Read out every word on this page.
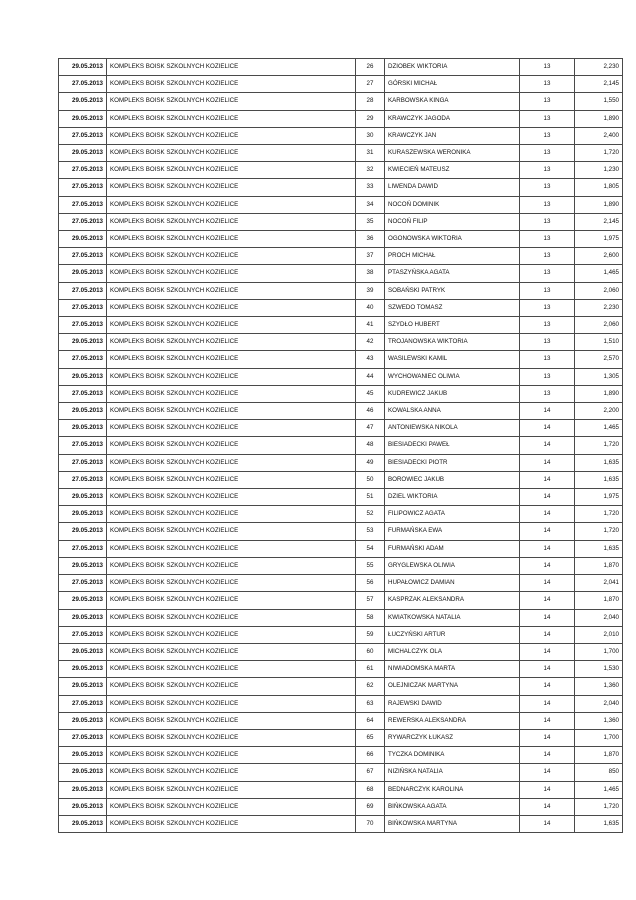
29.05.2013	KOMPLEKS BOISK SZKOLNYCH KOZIELICE	26	DZIOBEK WIKTORIA	13	2,230
27.05.2013	KOMPLEKS BOISK SZKOLNYCH KOZIELICE	27	GÓRSKI MICHAŁ	13	2,145
29.05.2013	KOMPLEKS BOISK SZKOLNYCH KOZIELICE	28	KARBOWSKA KINGA	13	1,550
29.05.2013	KOMPLEKS BOISK SZKOLNYCH KOZIELICE	29	KRAWCZYK JAGODA	13	1,890
27.05.2013	KOMPLEKS BOISK SZKOLNYCH KOZIELICE	30	KRAWCZYK JAN	13	2,400
29.05.2013	KOMPLEKS BOISK SZKOLNYCH KOZIELICE	31	KURASZEWSKA WERONIKA	13	1,720
27.05.2013	KOMPLEKS BOISK SZKOLNYCH KOZIELICE	32	KWIECIEŃ MATEUSZ	13	1,230
27.05.2013	KOMPLEKS BOISK SZKOLNYCH KOZIELICE	33	LIWENDA DAWID	13	1,805
27.05.2013	KOMPLEKS BOISK SZKOLNYCH KOZIELICE	34	NOCOŃ DOMINIK	13	1,890
27.05.2013	KOMPLEKS BOISK SZKOLNYCH KOZIELICE	35	NOCOŃ FILIP	13	2,145
29.05.2013	KOMPLEKS BOISK SZKOLNYCH KOZIELICE	36	OGONOWSKA WIKTORIA	13	1,975
27.05.2013	KOMPLEKS BOISK SZKOLNYCH KOZIELICE	37	PROCH MICHAŁ	13	2,600
29.05.2013	KOMPLEKS BOISK SZKOLNYCH KOZIELICE	38	PTASZYŃSKA AGATA	13	1,465
27.05.2013	KOMPLEKS BOISK SZKOLNYCH KOZIELICE	39	SOBAŃSKI PATRYK	13	2,060
27.05.2013	KOMPLEKS BOISK SZKOLNYCH KOZIELICE	40	SZWEDO TOMASZ	13	2,230
27.05.2013	KOMPLEKS BOISK SZKOLNYCH KOZIELICE	41	SZYDŁO HUBERT	13	2,060
29.05.2013	KOMPLEKS BOISK SZKOLNYCH KOZIELICE	42	TROJANOWSKA WIKTORIA	13	1,510
27.05.2013	KOMPLEKS BOISK SZKOLNYCH KOZIELICE	43	WASILEWSKI KAMIL	13	2,570
29.05.2013	KOMPLEKS BOISK SZKOLNYCH KOZIELICE	44	WYCHOWANIEC OLIWIA	13	1,305
27.05.2013	KOMPLEKS BOISK SZKOLNYCH KOZIELICE	45	KUDREWICZ JAKUB	13	1,890
29.05.2013	KOMPLEKS BOISK SZKOLNYCH KOZIELICE	46	KOWALSKA ANNA	14	2,200
29.05.2013	KOMPLEKS BOISK SZKOLNYCH KOZIELICE	47	ANTONIEWSKA NIKOLA	14	1,465
27.05.2013	KOMPLEKS BOISK SZKOLNYCH KOZIELICE	48	BIESIADECKI PAWEŁ	14	1,720
27.05.2013	KOMPLEKS BOISK SZKOLNYCH KOZIELICE	49	BIESIADECKI PIOTR	14	1,635
27.05.2013	KOMPLEKS BOISK SZKOLNYCH KOZIELICE	50	BOROWIEC JAKUB	14	1,635
29.05.2013	KOMPLEKS BOISK SZKOLNYCH KOZIELICE	51	DZIEL WIKTORIA	14	1,975
29.05.2013	KOMPLEKS BOISK SZKOLNYCH KOZIELICE	52	FILIPOWICZ AGATA	14	1,720
29.05.2013	KOMPLEKS BOISK SZKOLNYCH KOZIELICE	53	FURMAŃSKA EWA	14	1,720
27.05.2013	KOMPLEKS BOISK SZKOLNYCH KOZIELICE	54	FURMAŃSKI ADAM	14	1,635
29.05.2013	KOMPLEKS BOISK SZKOLNYCH KOZIELICE	55	GRYGLEWSKA OLIWIA	14	1,870
27.05.2013	KOMPLEKS BOISK SZKOLNYCH KOZIELICE	56	HUPAŁOWICZ DAMIAN	14	2,041
29.05.2013	KOMPLEKS BOISK SZKOLNYCH KOZIELICE	57	KASPRZAK ALEKSANDRA	14	1,870
29.05.2013	KOMPLEKS BOISK SZKOLNYCH KOZIELICE	58	KWIATKOWSKA NATALIA	14	2,040
27.05.2013	KOMPLEKS BOISK SZKOLNYCH KOZIELICE	59	ŁUCZYŃSKI ARTUR	14	2,010
29.05.2013	KOMPLEKS BOISK SZKOLNYCH KOZIELICE	60	MICHALCZYK OLA	14	1,700
29.05.2013	KOMPLEKS BOISK SZKOLNYCH KOZIELICE	61	NIWIADOMSKA MARTA	14	1,530
29.05.2013	KOMPLEKS BOISK SZKOLNYCH KOZIELICE	62	OLEJNICZAK MARTYNA	14	1,360
27.05.2013	KOMPLEKS BOISK SZKOLNYCH KOZIELICE	63	RAJEWSKI DAWID	14	2,040
29.05.2013	KOMPLEKS BOISK SZKOLNYCH KOZIELICE	64	REWERSKA ALEKSANDRA	14	1,360
27.05.2013	KOMPLEKS BOISK SZKOLNYCH KOZIELICE	65	RYWARCZYK ŁUKASZ	14	1,700
29.05.2013	KOMPLEKS BOISK SZKOLNYCH KOZIELICE	66	TYCZKA DOMINIKA	14	1,870
29.05.2013	KOMPLEKS BOISK SZKOLNYCH KOZIELICE	67	NIZIŃSKA NATALIA	14	850
29.05.2013	KOMPLEKS BOISK SZKOLNYCH KOZIELICE	68	BEDNARCZYK KAROLINA	14	1,465
29.05.2013	KOMPLEKS BOISK SZKOLNYCH KOZIELICE	69	BIŃKOWSKA AGATA	14	1,720
29.05.2013	KOMPLEKS BOISK SZKOLNYCH KOZIELICE	70	BIŃKOWSKA MARTYNA	14	1,635
